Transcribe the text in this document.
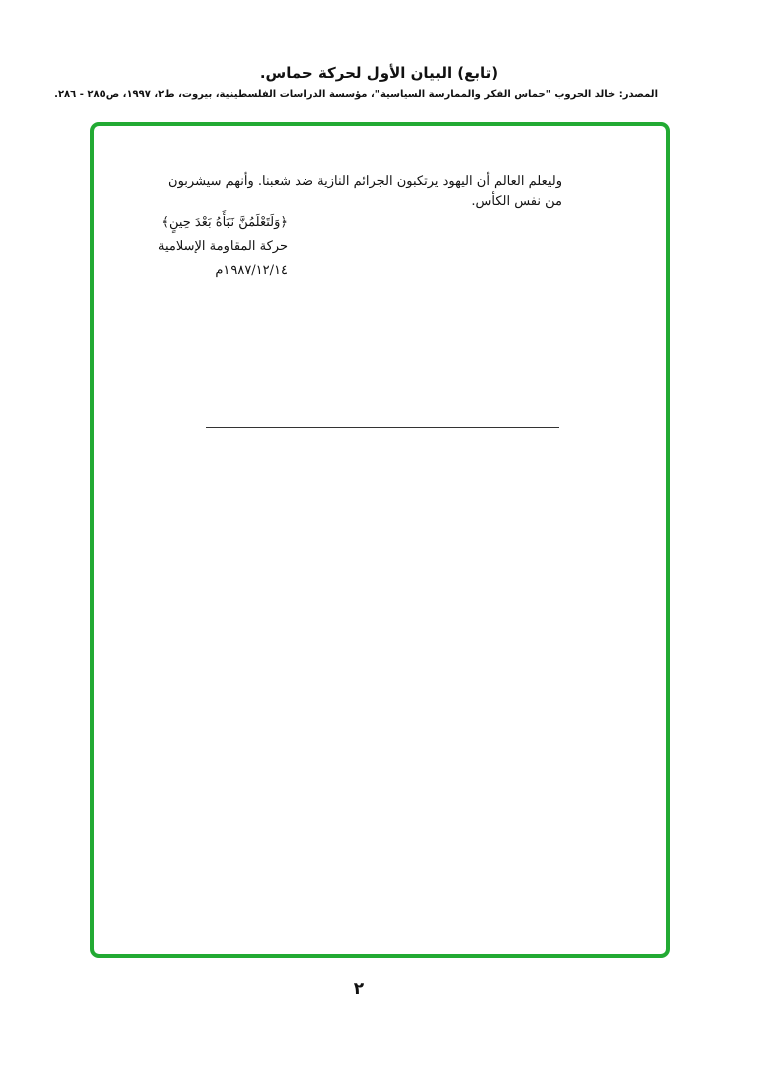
(تابع) البيان الأول لحركة حماس.

المصدر: خالد الحروب "حماس الفكر والممارسة السياسية"، مؤسسة الدراسات الفلسطينية، بيروت، ط٢، ١٩٩٧، ص٢٨٥ - ٢٨٦.

وليعلم العالم أن اليهود يرتكبون الجرائم النازية ضد شعبنا. وأنهم سيشربون من نفس الكأس.

﴿وَلَتَعْلَمُنَّ نَبَأَهُ بَعْدَ حِينٍ﴾

حركة المقاومة الإسلامية

١٩٨٧/١٢/١٤م

٢
